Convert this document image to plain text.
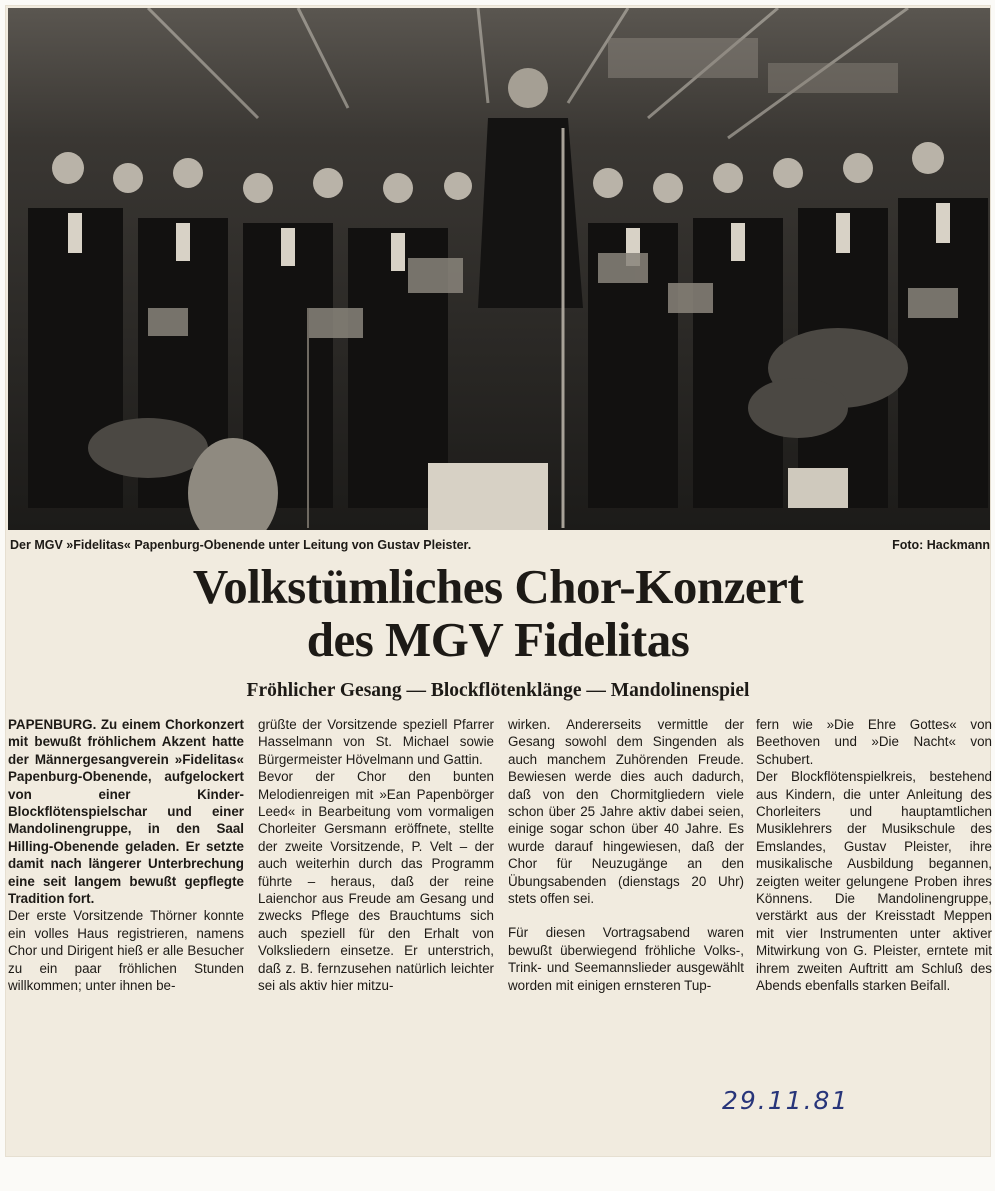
Der MGV »Fidelitas« Papenburg-Obenende unter Leitung von Gustav Pleister.	Foto: Hackmann
Volkstümliches Chor-Konzert
des MGV Fidelitas
Fröhlicher Gesang — Blockflötenklänge — Mandolinenspiel

PAPENBURG. Zu einem Chorkonzert mit bewußt fröhlichem Akzent hatte der Männergesangverein »Fidelitas« Papenburg-Obenende, aufgelockert von einer Kinder-Blockflötenspielschar und einer Mandolinengruppe, in den Saal Hilling-Obenende geladen. Er setzte damit nach längerer Unterbrechung eine seit langem bewußt gepflegte Tradition fort.

Der erste Vorsitzende Thörner konnte ein volles Haus registrieren, namens Chor und Dirigent hieß er alle Besucher zu ein paar fröhlichen Stunden willkommen; unter ihnen be-

grüßte der Vorsitzende speziell Pfarrer Hasselmann von St. Michael sowie Bürgermeister Hövelmann und Gattin.

Bevor der Chor den bunten Melodienreigen mit »Ean Papenbörger Leed« in Bearbeitung vom vormaligen Chorleiter Gersmann eröffnete, stellte der zweite Vorsitzende, P. Velt – der auch weiterhin durch das Programm führte – heraus, daß der reine Laienchor aus Freude am Gesang und zwecks Pflege des Brauchtums sich auch speziell für den Erhalt von Volksliedern einsetze. Er unterstrich, daß z. B. fernzusehen natürlich leichter sei als aktiv hier mitzu-

wirken. Andererseits vermittle der Gesang sowohl dem Singenden als auch manchem Zuhörenden Freude. Bewiesen werde dies auch dadurch, daß von den Chormitgliedern viele schon über 25 Jahre aktiv dabei seien, einige sogar schon über 40 Jahre. Es wurde darauf hingewiesen, daß der Chor für Neuzugänge an den Übungsabenden (dienstags 20 Uhr) stets offen sei.

Für diesen Vortragsabend waren bewußt überwiegend fröhliche Volks-, Trink- und Seemannslieder ausgewählt worden mit einigen ernsteren Tup-

fern wie »Die Ehre Gottes« von Beethoven und »Die Nacht« von Schubert.

Der Blockflötenspielkreis, bestehend aus Kindern, die unter Anleitung des Chorleiters und hauptamtlichen Musiklehrers der Musikschule des Emslandes, Gustav Pleister, ihre musikalische Ausbildung begannen, zeigten weiter gelungene Proben ihres Könnens. Die Mandolinengruppe, verstärkt aus der Kreisstadt Meppen mit vier Instrumenten unter aktiver Mitwirkung von G. Pleister, erntete mit ihrem zweiten Auftritt am Schluß des Abends ebenfalls starken Beifall.

29.11.81
